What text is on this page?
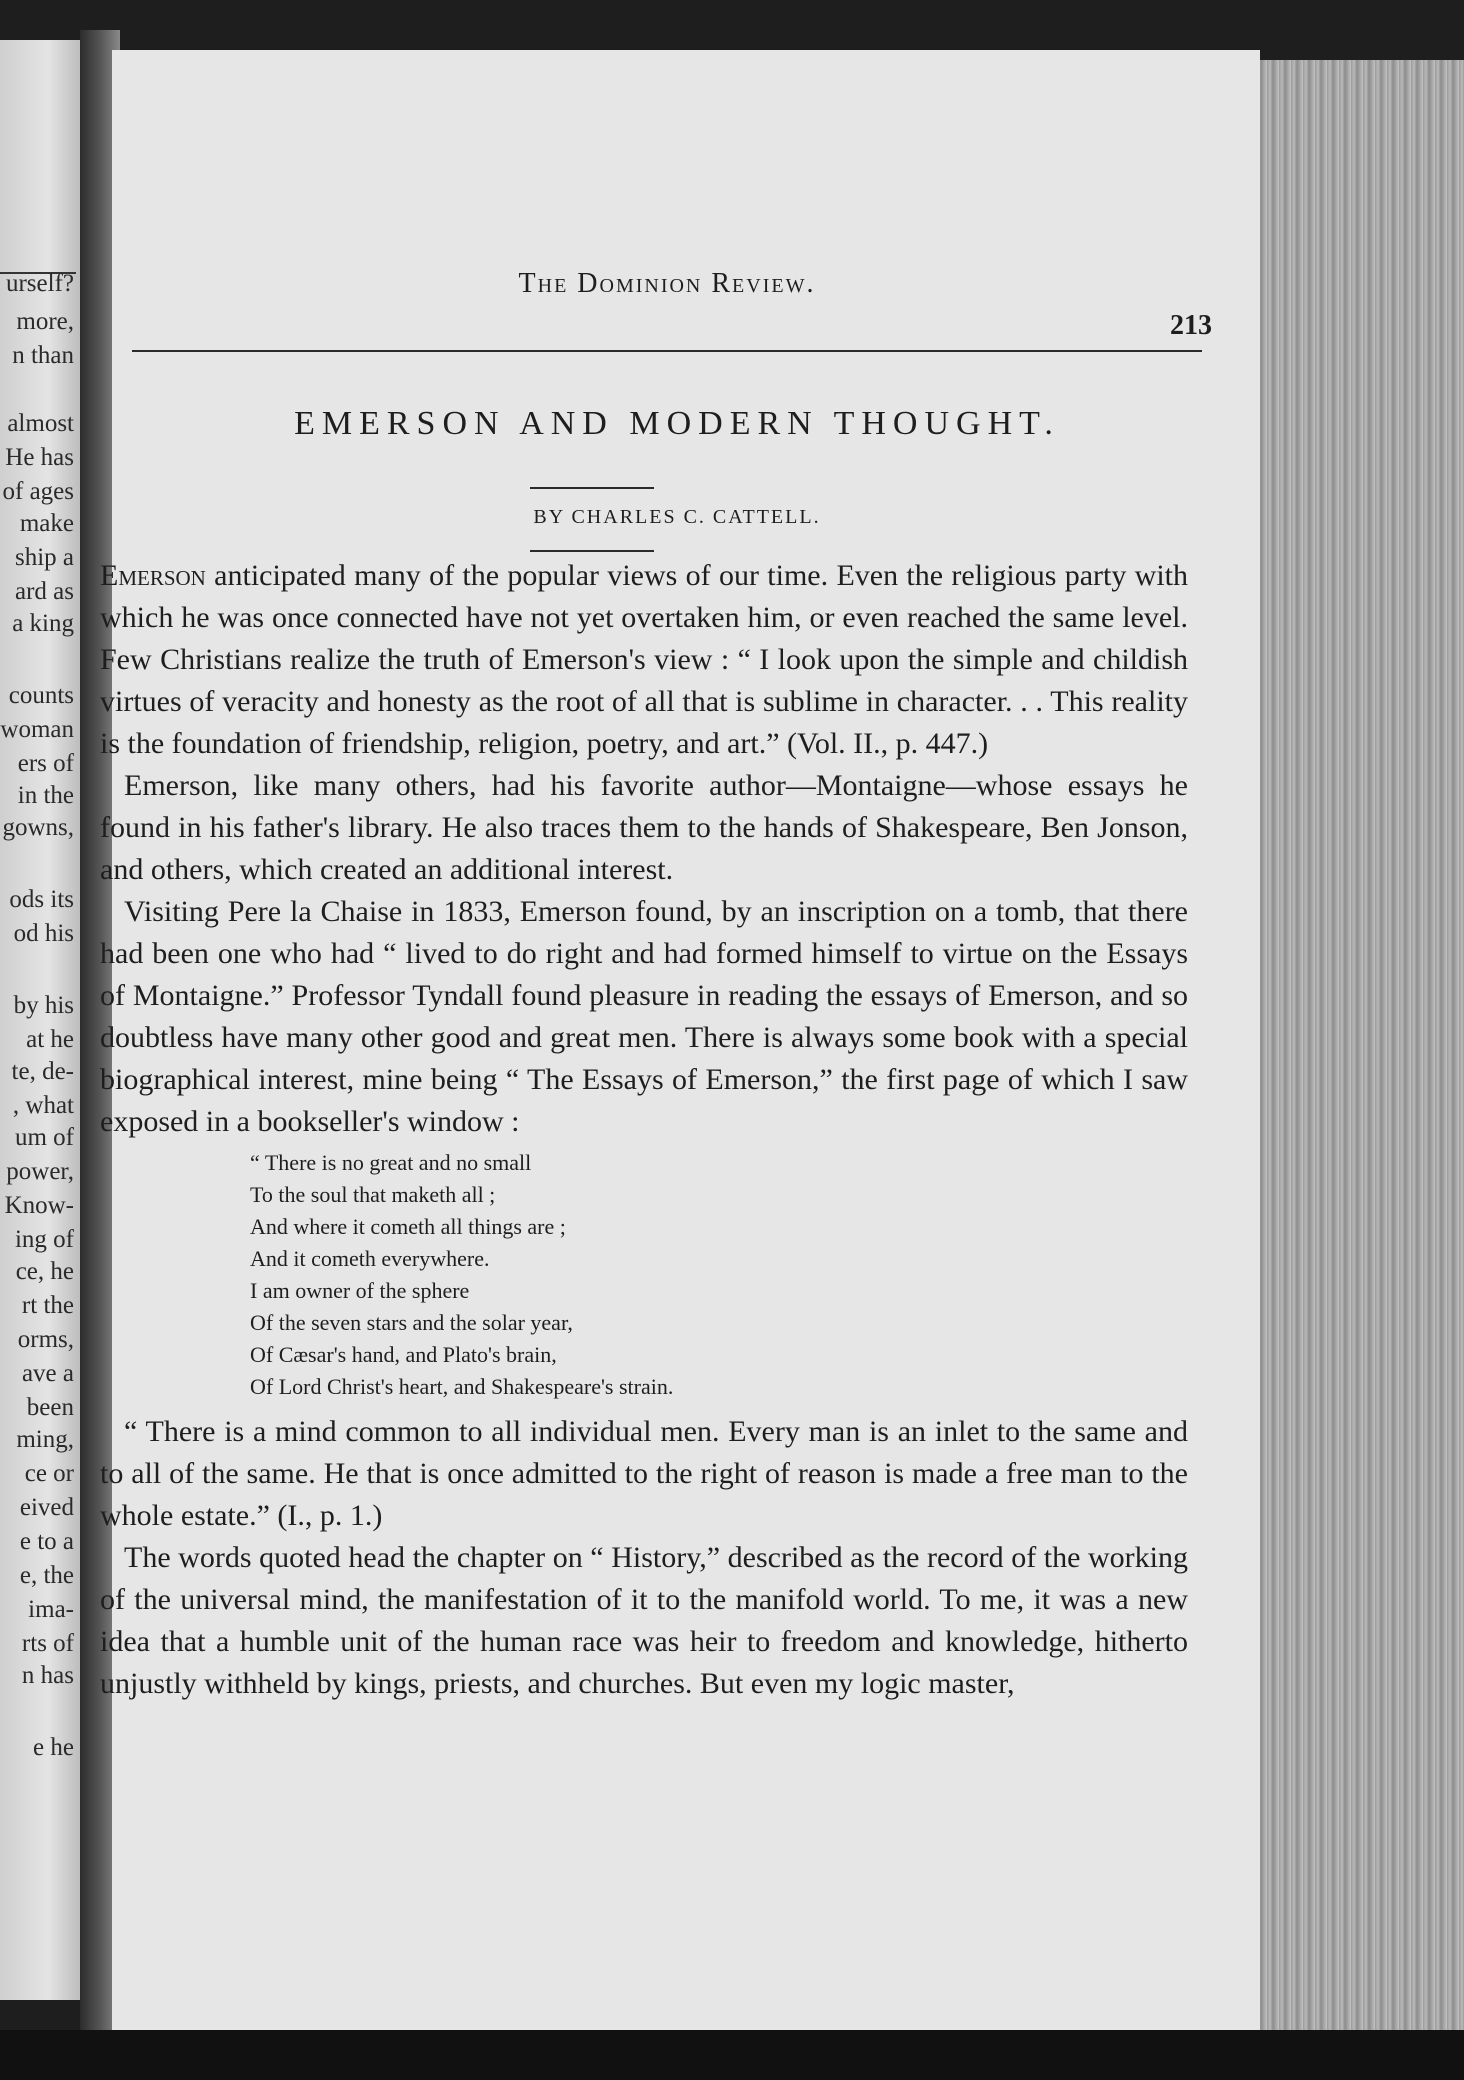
urself?
more,
n than
almost
He has
of ages
make
ship a
ard as
a king
counts
woman
ers of
in the
gowns,
ods its
od his
by his
at he
te, de-
, what
um of
power,
Know-
ing of
ce, he
rt the
orms,
ave a
been
ming,
ce or
eived
e to a
e, the
ima-
rts of
n has
e he
The Dominion Review.
213
EMERSON AND MODERN THOUGHT.
BY CHARLES C. CATTELL.

Emerson anticipated many of the popular views of our time. Even the religious party with which he was once connected have not yet overtaken him, or even reached the same level. Few Christians realize the truth of Emerson's view : “ I look upon the simple and childish virtues of veracity and honesty as the root of all that is sublime in character. . . This reality is the foundation of friendship, religion, poetry, and art.” (Vol. II., p. 447.)

Emerson, like many others, had his favorite author—Montaigne—whose essays he found in his father's library. He also traces them to the hands of Shakespeare, Ben Jonson, and others, which created an additional interest.

Visiting Pere la Chaise in 1833, Emerson found, by an inscription on a tomb, that there had been one who had “ lived to do right and had formed himself to virtue on the Essays of Montaigne.” Professor Tyndall found pleasure in reading the essays of Emerson, and so doubtless have many other good and great men. There is always some book with a special biographical interest, mine being “ The Essays of Emerson,” the first page of which I saw exposed in a bookseller's window :

“ There is no great and no small
To the soul that maketh all ;
And where it cometh all things are ;
And it cometh everywhere.
I am owner of the sphere
Of the seven stars and the solar year,
Of Cæsar's hand, and Plato's brain,
Of Lord Christ's heart, and Shakespeare's strain.

“ There is a mind common to all individual men. Every man is an inlet to the same and to all of the same. He that is once admitted to the right of reason is made a free man to the whole estate.” (I., p. 1.)

The words quoted head the chapter on “ History,” described as the record of the working of the universal mind, the manifestation of it to the manifold world. To me, it was a new idea that a humble unit of the human race was heir to freedom and knowledge, hitherto unjustly withheld by kings, priests, and churches. But even my logic master,
